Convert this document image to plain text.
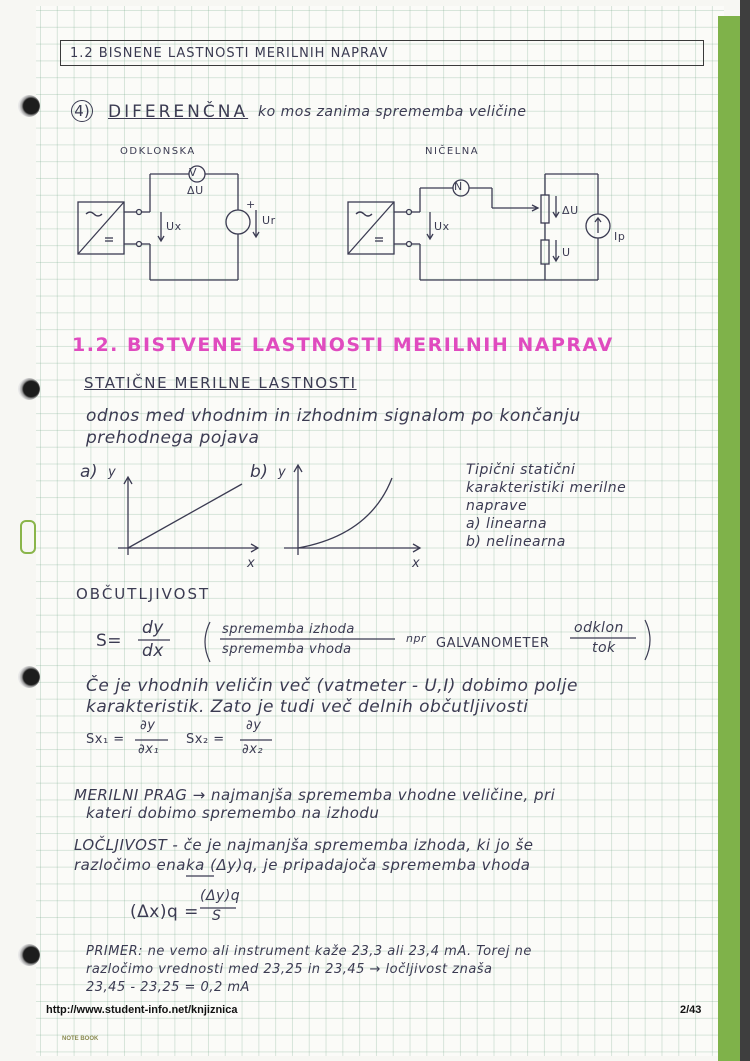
1.2 BISNENE LASTNOSTI MERILNIH NAPRAV
4) DIFERENČNA ko mos zanima sprememba veličine
ODKLONSKA	NIČELNA
V
ΔU
Ux	Ur
+
N
Ux
ΔU
U
Ip
1.2. BISTVENE LASTNOSTI MERILNIH NAPRAV
STATIČNE MERILNE LASTNOSTI
odnos med vhodnim in izhodnim signalom po končanju
prehodnega pojava
a) y
x
b) y
x
Tipični statični
karakteristiki merilne
naprave
a) linearna
b) nelinearna
OBČUTLJIVOST
S=
dy
dx
sprememba izhoda
sprememba vhoda
npr GALVANOMETER
odklon
tok
Če je vhodnih veličin več (vatmeter - U,I) dobimo polje
karakteristik. Zato je tudi več delnih občutljivosti
Sx₁ =
∂y
∂x₁
Sx₂ =
∂y
∂x₂
MERILNI PRAG → najmanjša sprememba vhodne veličine, pri
kateri dobimo spremembo na izhodu
LOČLJIVOST - če je najmanjša sprememba izhoda, ki jo še
razločimo enaka (Δy)q, je pripadajoča sprememba vhoda
(Δx)q =
(Δy)q
S
PRIMER: ne vemo ali instrument kaže 23,3 ali 23,4 mA. Torej ne
razločimo vrednosti med 23,25 in 23,45 → ločljivost znaša
23,45 - 23,25 = 0,2 mA
http://www.student-info.net/knjiznica	2/43
NOTE BOOK
